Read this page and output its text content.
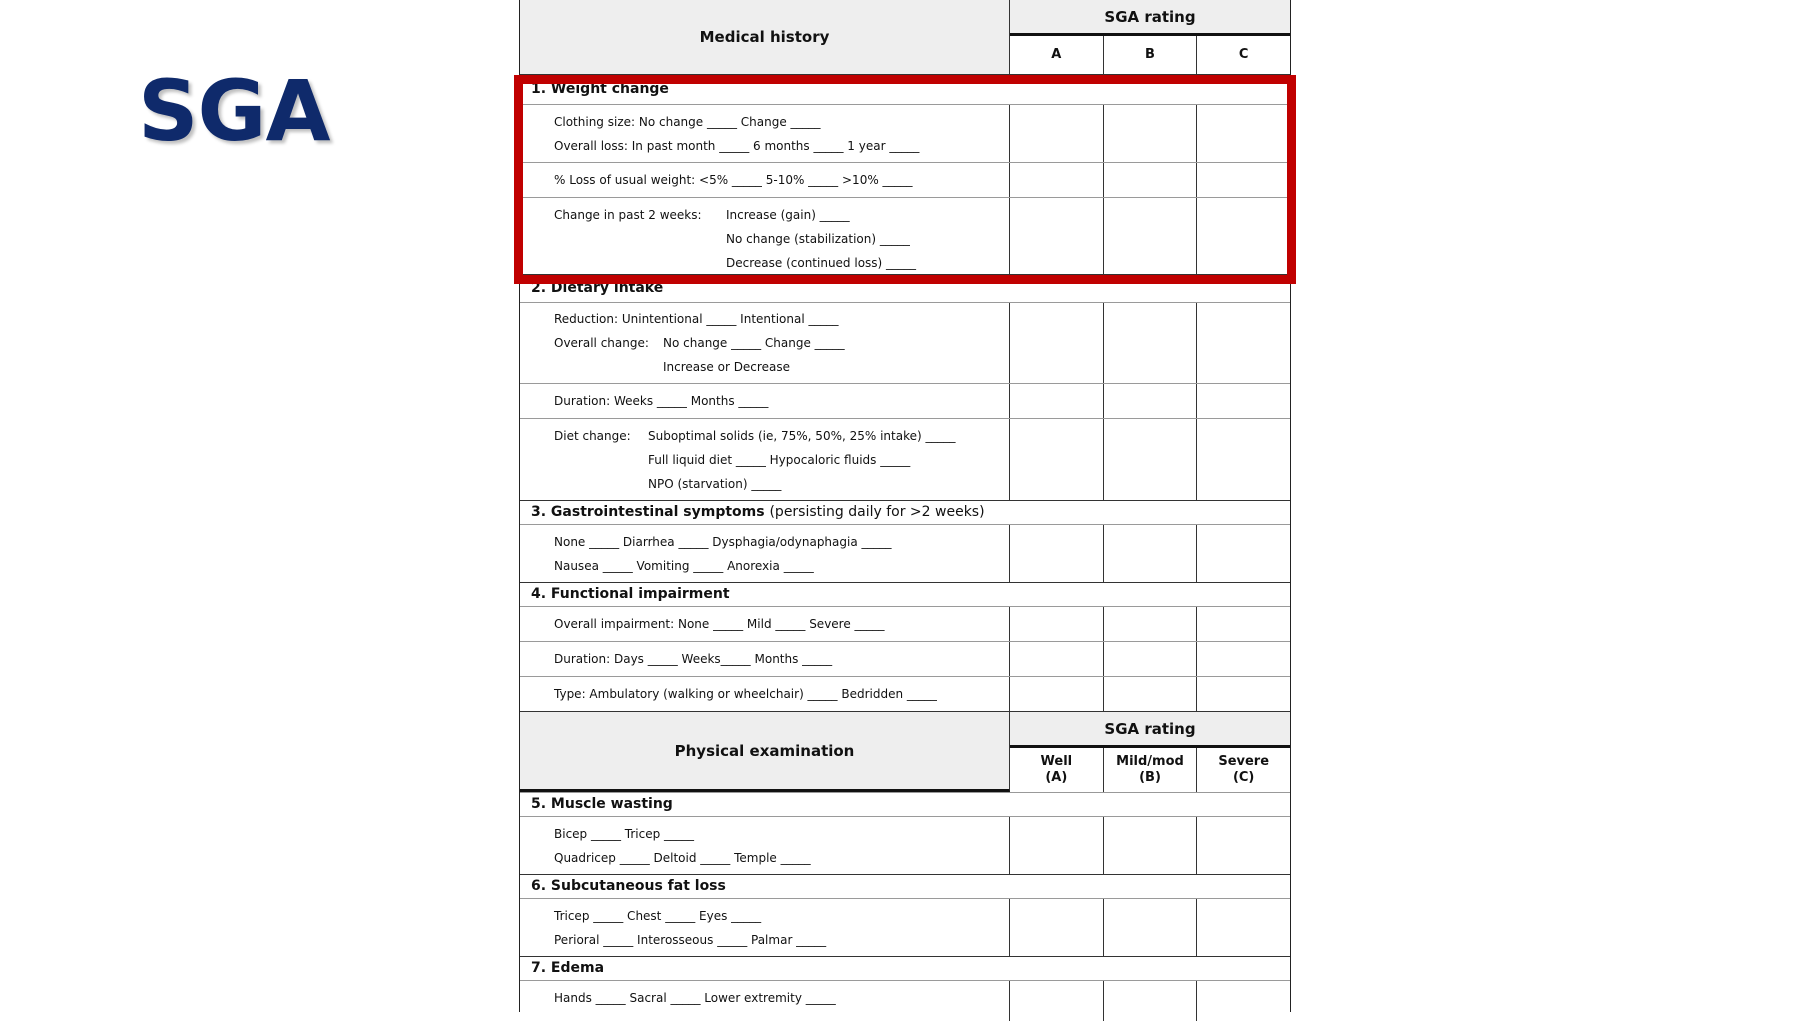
SGA
Medical history
SGA rating
A	B	C
1. Weight change
Clothing size: No change _____ Change _____
Overall loss: In past month _____ 6 months _____ 1 year _____
% Loss of usual weight: <5% _____ 5-10% _____ >10% _____
Change in past 2 weeks:	Increase (gain) _____
No change (stabilization) _____
Decrease (continued loss) _____
2. Dietary intake
Reduction: Unintentional _____ Intentional _____
Overall change:	No change _____ Change _____
Increase or Decrease
Duration: Weeks _____ Months _____
Diet change:	Suboptimal solids (ie, 75%, 50%, 25% intake) _____
Full liquid diet _____ Hypocaloric fluids _____
NPO (starvation) _____
3. Gastrointestinal symptoms
(persisting daily for >2 weeks)
None _____ Diarrhea _____ Dysphagia/odynaphagia _____
Nausea _____ Vomiting _____ Anorexia _____
4. Functional impairment
Overall impairment: None _____ Mild _____ Severe _____
Duration: Days _____ Weeks_____ Months _____
Type: Ambulatory (walking or wheelchair) _____ Bedridden _____
Physical examination
SGA rating
Well
(A)
Mild/mod
(B)
Severe
(C)
5. Muscle wasting
Bicep _____ Tricep _____
Quadricep _____ Deltoid _____ Temple _____
6. Subcutaneous fat loss
Tricep _____ Chest _____ Eyes _____
Perioral _____ Interosseous _____ Palmar _____
7. Edema
Hands _____ Sacral _____ Lower extremity _____
